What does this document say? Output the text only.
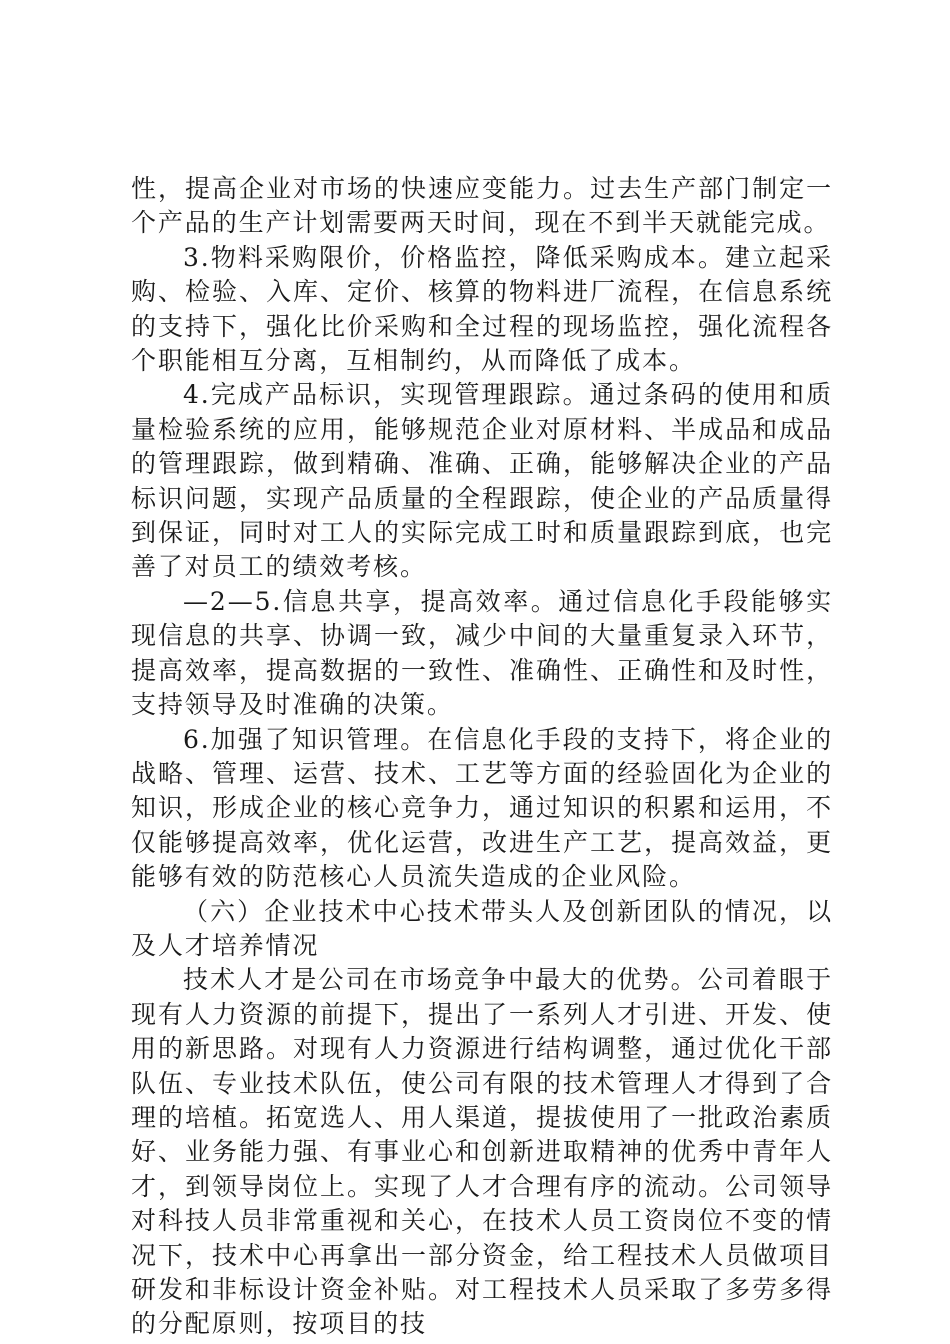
性，提高企业对市场的快速应变能力。过去生产部门制定一个产品的生产计划需要两天时间，现在不到半天就能完成。

3.物料采购限价，价格监控，降低采购成本。建立起采购、检验、入库、定价、核算的物料进厂流程，在信息系统的支持下，强化比价采购和全过程的现场监控，强化流程各个职能相互分离，互相制约，从而降低了成本。

4.完成产品标识，实现管理跟踪。通过条码的使用和质量检验系统的应用，能够规范企业对原材料、半成品和成品的管理跟踪，做到精确、准确、正确，能够解决企业的产品标识问题，实现产品质量的全程跟踪，使企业的产品质量得到保证，同时对工人的实际完成工时和质量跟踪到底，也完善了对员工的绩效考核。

—2—5.信息共享，提高效率。通过信息化手段能够实现信息的共享、协调一致，减少中间的大量重复录入环节，提高效率，提高数据的一致性、准确性、正确性和及时性，支持领导及时准确的决策。

6.加强了知识管理。在信息化手段的支持下，将企业的战略、管理、运营、技术、工艺等方面的经验固化为企业的知识，形成企业的核心竞争力，通过知识的积累和运用，不仅能够提高效率，优化运营，改进生产工艺，提高效益，更能够有效的防范核心人员流失造成的企业风险。

（六）企业技术中心技术带头人及创新团队的情况，以及人才培养情况

技术人才是公司在市场竞争中最大的优势。公司着眼于现有人力资源的前提下，提出了一系列人才引进、开发、使用的新思路。对现有人力资源进行结构调整，通过优化干部队伍、专业技术队伍，使公司有限的技术管理人才得到了合理的培植。拓宽选人、用人渠道，提拔使用了一批政治素质好、业务能力强、有事业心和创新进取精神的优秀中青年人才，到领导岗位上。实现了人才合理有序的流动。公司领导对科技人员非常重视和关心，在技术人员工资岗位不变的情况下，技术中心再拿出一部分资金，给工程技术人员做项目研发和非标设计资金补贴。对工程技术人员采取了多劳多得的分配原则，按项目的技
